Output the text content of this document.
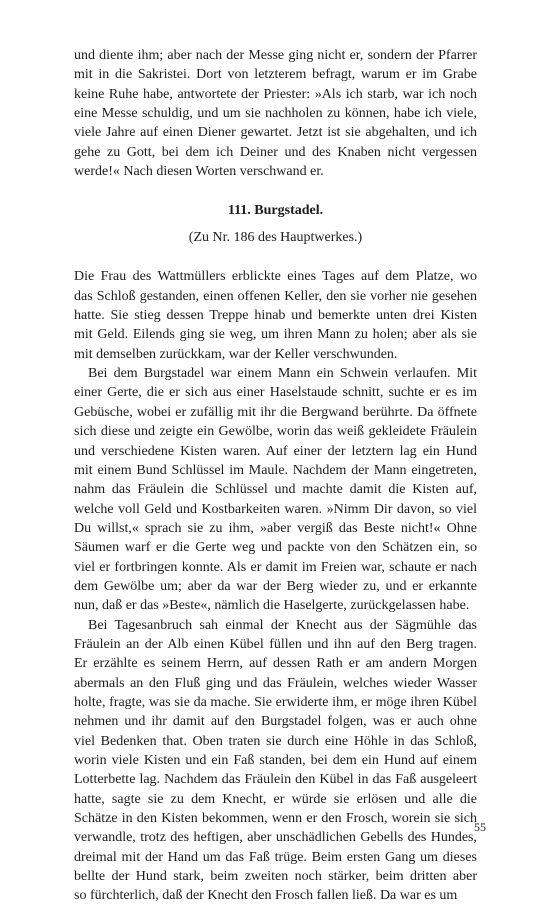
und diente ihm; aber nach der Messe ging nicht er, sondern der Pfarrer
mit in die Sakristei. Dort von letzterem befragt, warum er im Grabe
keine Ruhe habe, antwortete der Priester: »Als ich starb, war ich noch
eine Messe schuldig, und um sie nachholen zu können, habe ich viele,
viele Jahre auf einen Diener gewartet. Jetzt ist sie abgehalten, und ich
gehe zu Gott, bei dem ich Deiner und des Knaben nicht vergessen
werde!« Nach diesen Worten verschwand er.
111. Burgstadel.
(Zu Nr. 186 des Hauptwerkes.)
Die Frau des Wattmüllers erblickte eines Tages auf dem Platze, wo
das Schloß gestanden, einen offenen Keller, den sie vorher nie gesehen
hatte. Sie stieg dessen Treppe hinab und bemerkte unten drei Kisten
mit Geld. Eilends ging sie weg, um ihren Mann zu holen; aber als sie
mit demselben zurückkam, war der Keller verschwunden.
Bei dem Burgstadel war einem Mann ein Schwein verlaufen. Mit
einer Gerte, die er sich aus einer Haselstaude schnitt, suchte er es im
Gebüsche, wobei er zufällig mit ihr die Bergwand berührte. Da öffnete
sich diese und zeigte ein Gewölbe, worin das weiß gekleidete Fräulein
und verschiedene Kisten waren. Auf einer der letztern lag ein Hund
mit einem Bund Schlüssel im Maule. Nachdem der Mann eingetreten,
nahm das Fräulein die Schlüssel und machte damit die Kisten auf,
welche voll Geld und Kostbarkeiten waren. »Nimm Dir davon, so viel
Du willst,« sprach sie zu ihm, »aber vergiß das Beste nicht!« Ohne
Säumen warf er die Gerte weg und packte von den Schätzen ein, so
viel er fortbringen konnte. Als er damit im Freien war, schaute er nach
dem Gewölbe um; aber da war der Berg wieder zu, und er erkannte
nun, daß er das »Beste«, nämlich die Haselgerte, zurückgelassen habe.
Bei Tagesanbruch sah einmal der Knecht aus der Sägmühle das
Fräulein an der Alb einen Kübel füllen und ihn auf den Berg tragen.
Er erzählte es seinem Herrn, auf dessen Rath er am andern Morgen
abermals an den Fluß ging und das Fräulein, welches wieder Wasser
holte, fragte, was sie da mache. Sie erwiderte ihm, er möge ihren Kübel
nehmen und ihr damit auf den Burgstadel folgen, was er auch ohne
viel Bedenken that. Oben traten sie durch eine Höhle in das Schloß,
worin viele Kisten und ein Faß standen, bei dem ein Hund auf einem
Lotterbette lag. Nachdem das Fräulein den Kübel in das Faß ausgeleert
hatte, sagte sie zu dem Knecht, er würde sie erlösen und alle die
Schätze in den Kisten bekommen, wenn er den Frosch, worein sie sich
verwandle, trotz des heftigen, aber unschädlichen Gebells des Hundes,
dreimal mit der Hand um das Faß trüge. Beim ersten Gang um dieses
bellte der Hund stark, beim zweiten noch stärker, beim dritten aber
so fürchterlich, daß der Knecht den Frosch fallen ließ. Da war es um
55
